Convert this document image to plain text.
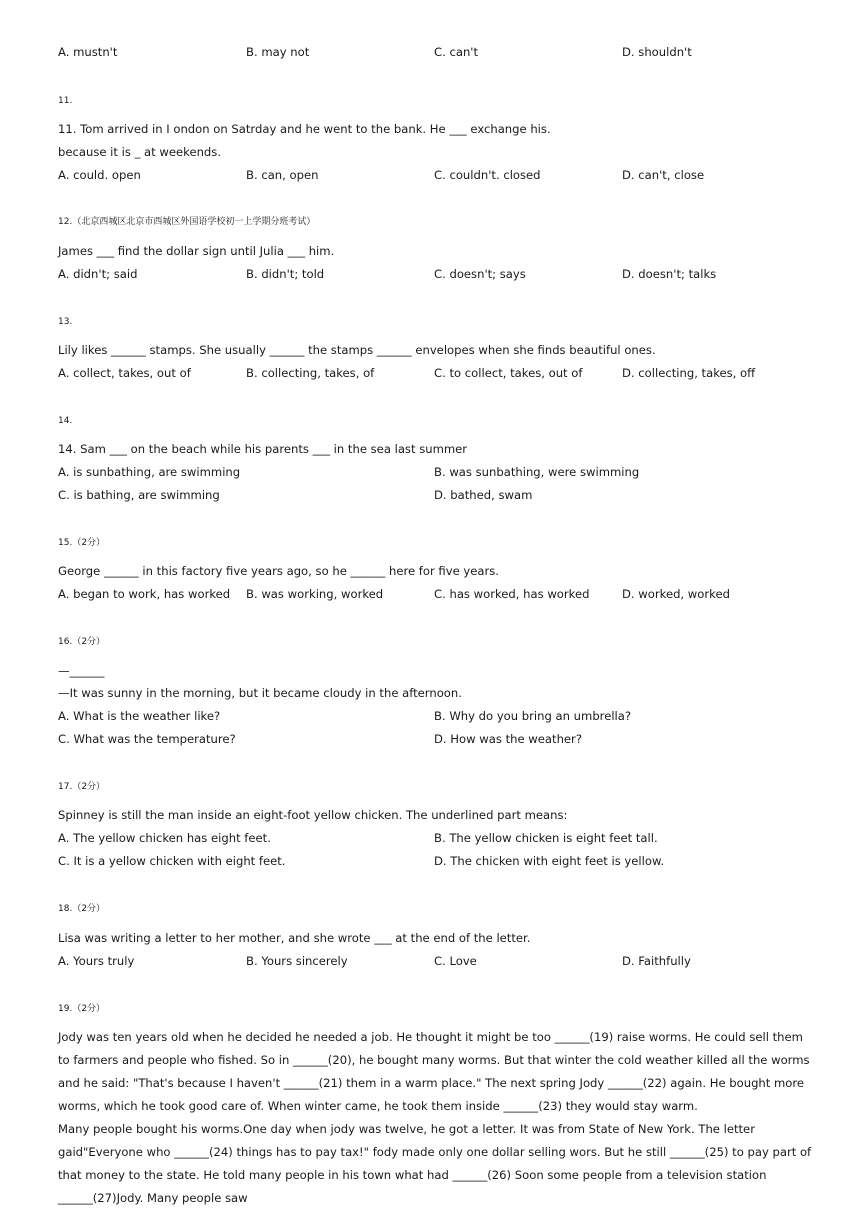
A. mustn't	B. may not	C. can't	D. shouldn't
11.
11. Tom arrived in I ondon on Satrday and he went to the bank. He ___ exchange his.
because it is _ at weekends.
A. could. open	B. can, open	C. couldn't. closed	D. can't, close
12.（北京西城区北京市西城区外国语学校初一上学期分班考试）
James ___ find the dollar sign until Julia ___ him.
A. didn't; said	B. didn't; told	C. doesn't; says	D. doesn't; talks
13.
Lily likes ______ stamps. She usually ______ the stamps ______ envelopes when she finds beautiful ones.
A. collect, takes, out of	B. collecting, takes, of	C. to collect, takes, out of	D. collecting, takes, off
14.
14. Sam ___ on the beach while his parents ___ in the sea last summer
A. is sunbathing, are swimming	B. was sunbathing, were swimming
C. is bathing, are swimming	D. bathed, swam
15.（2分）
George ______ in this factory five years ago, so he ______ here for five years.
A. began to work, has worked B. was working, worked	C. has worked, has worked	D. worked, worked
16.（2分）
—______
—It was sunny in the morning, but it became cloudy in the afternoon.
A. What is the weather like?	B. Why do you bring an umbrella?
C. What was the temperature?	D. How was the weather?
17.（2分）
Spinney is still the man inside an eight-foot yellow chicken. The underlined part means:
A. The yellow chicken has eight feet.	B. The yellow chicken is eight feet tall.
C. It is a yellow chicken with eight feet.	D. The chicken with eight feet is yellow.
18.（2分）
Lisa was writing a letter to her mother, and she wrote ___ at the end of the letter.
A. Yours truly	B. Yours sincerely	C. Love	D. Faithfully
19.（2分）

Jody was ten years old when he decided he needed a job. He thought it might be too ______(19) raise worms. He could sell them to farmers and people who fished. So in ______(20), he bought many worms. But that winter the cold weather killed all the worms and he said: "That's because I haven't ______(21) them in a warm place." The next spring Jody ______(22) again. He bought more worms, which he took good care of. When winter came, he took them inside ______(23) they would stay warm.

Many people bought his worms.One day when jody was twelve, he got a letter. It was from State of New York. The letter gaid"Everyone who ______(24) things has to pay tax!" fody made only one dollar selling wors. But he still ______(25) to pay part of that money to the state. He told many people in his town what had ______(26) Soon some people from a television station ______(27)Jody. Many people saw
